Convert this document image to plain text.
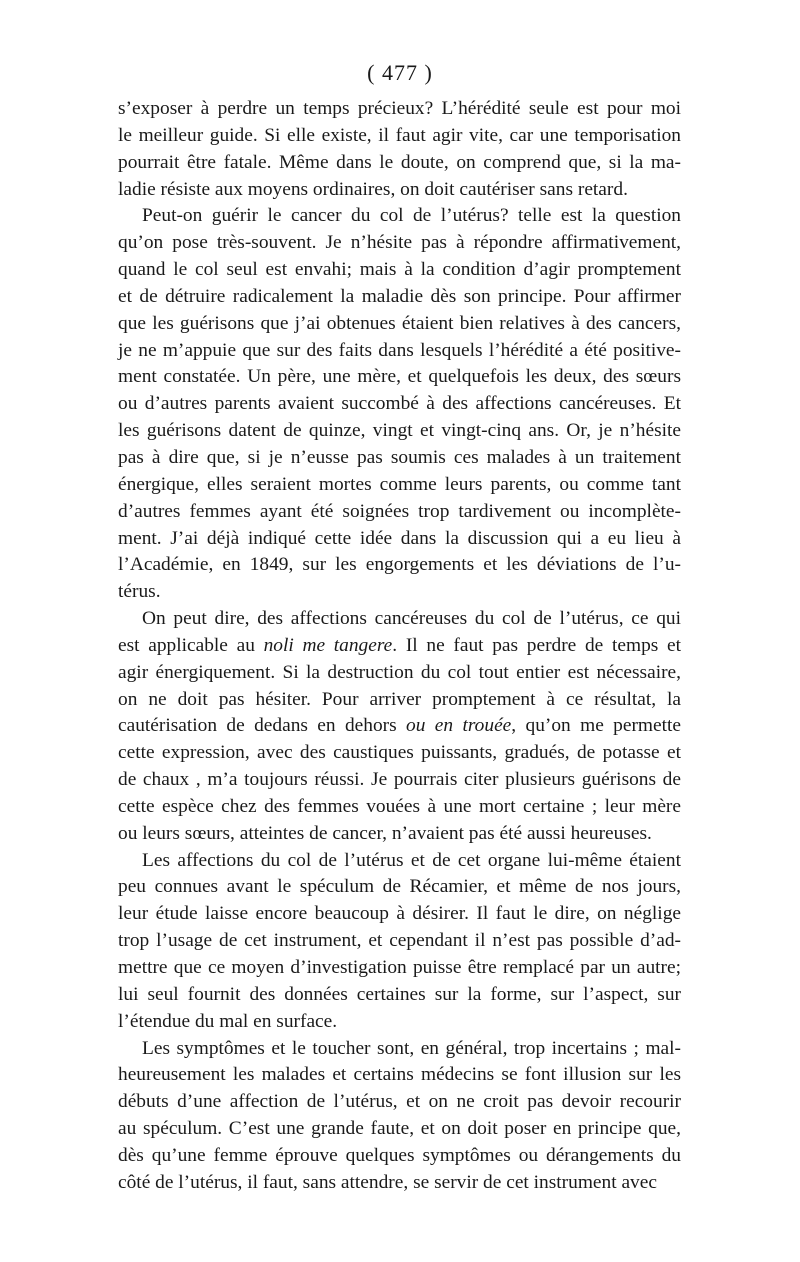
( 477 )

s’exposer à perdre un temps précieux? L’hérédité seule est pour moi
le meilleur guide. Si elle existe, il faut agir vite, car une temporisation
pourrait être fatale. Même dans le doute, on comprend que, si la ma-
ladie résiste aux moyens ordinaires, on doit cautériser sans retard.

Peut-on guérir le cancer du col de l’utérus? telle est la question
qu’on pose très-souvent. Je n’hésite pas à répondre affirmativement,
quand le col seul est envahi; mais à la condition d’agir promptement
et de détruire radicalement la maladie dès son principe. Pour affirmer
que les guérisons que j’ai obtenues étaient bien relatives à des cancers,
je ne m’appuie que sur des faits dans lesquels l’hérédité a été positive-
ment constatée. Un père, une mère, et quelquefois les deux, des sœurs
ou d’autres parents avaient succombé à des affections cancéreuses. Et
les guérisons datent de quinze, vingt et vingt-cinq ans. Or, je n’hésite
pas à dire que, si je n’eusse pas soumis ces malades à un traitement
énergique, elles seraient mortes comme leurs parents, ou comme tant
d’autres femmes ayant été soignées trop tardivement ou incomplète-
ment. J’ai déjà indiqué cette idée dans la discussion qui a eu lieu à
l’Académie, en 1849, sur les engorgements et les déviations de l’u-
térus.

On peut dire, des affections cancéreuses du col de l’utérus, ce qui
est applicable au noli me tangere. Il ne faut pas perdre de temps et
agir énergiquement. Si la destruction du col tout entier est nécessaire,
on ne doit pas hésiter. Pour arriver promptement à ce résultat, la
cautérisation de dedans en dehors ou en trouée, qu’on me permette
cette expression, avec des caustiques puissants, gradués, de potasse et
de chaux , m’a toujours réussi. Je pourrais citer plusieurs guérisons de
cette espèce chez des femmes vouées à une mort certaine ; leur mère
ou leurs sœurs, atteintes de cancer, n’avaient pas été aussi heureuses.

Les affections du col de l’utérus et de cet organe lui-même étaient
peu connues avant le spéculum de Récamier, et même de nos jours,
leur étude laisse encore beaucoup à désirer. Il faut le dire, on néglige
trop l’usage de cet instrument, et cependant il n’est pas possible d’ad-
mettre que ce moyen d’investigation puisse être remplacé par un autre;
lui seul fournit des données certaines sur la forme, sur l’aspect, sur
l’étendue du mal en surface.

Les symptômes et le toucher sont, en général, trop incertains ; mal-
heureusement les malades et certains médecins se font illusion sur les
débuts d’une affection de l’utérus, et on ne croit pas devoir recourir
au spéculum. C’est une grande faute, et on doit poser en principe que,
dès qu’une femme éprouve quelques symptômes ou dérangements du
côté de l’utérus, il faut, sans attendre, se servir de cet instrument avec
